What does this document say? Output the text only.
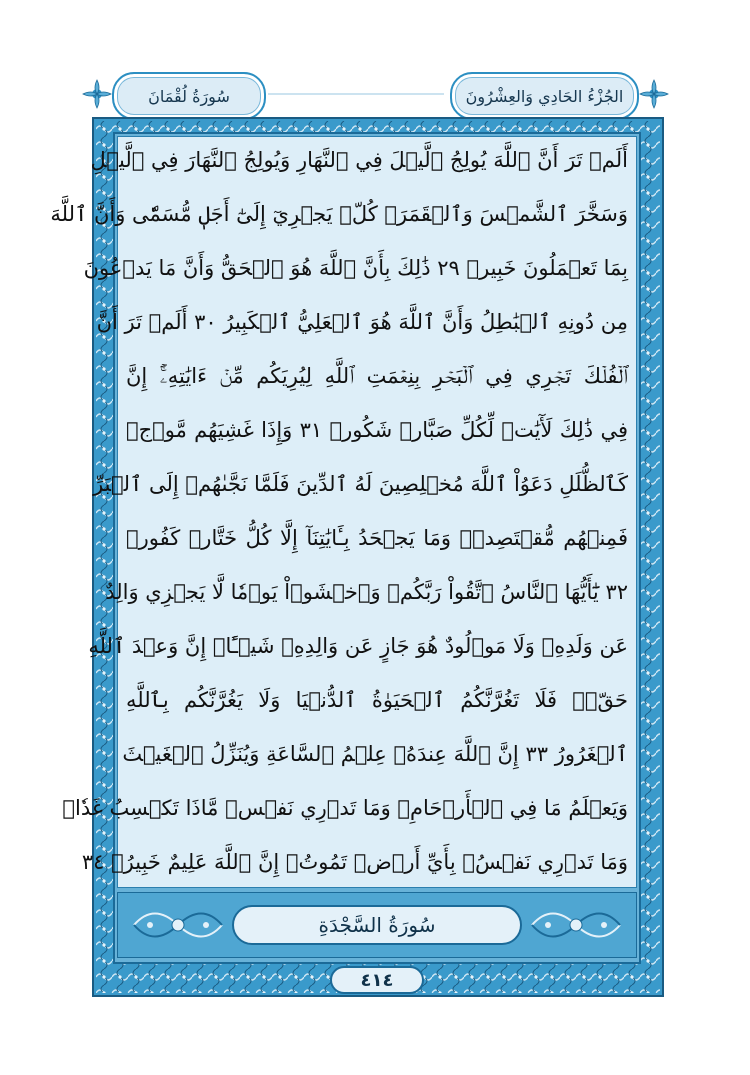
سُورَةُ لُقْمَانَ	الجُزْءُ الحَادِي وَالعِشْرُونَ
أَلَمۡ تَرَ أَنَّ ٱللَّهَ يُولِجُ ٱلَّيۡلَ فِي ٱلنَّهَارِ وَيُولِجُ ٱلنَّهَارَ فِي ٱلَّيۡلِ
وَسَخَّرَ ٱلشَّمۡسَ وَٱلۡقَمَرَۖ كُلّٞ يَجۡرِيٓ إِلَىٰٓ أَجَلٖ مُّسَمّٗى وَأَنَّ ٱللَّهَ
بِمَا تَعۡمَلُونَ خَبِيرٞ ٢٩ ذَٰلِكَ بِأَنَّ ٱللَّهَ هُوَ ٱلۡحَقُّ وَأَنَّ مَا يَدۡعُونَ
مِن دُونِهِ ٱلۡبَٰطِلُ وَأَنَّ ٱللَّهَ هُوَ ٱلۡعَلِيُّ ٱلۡكَبِيرُ ٣٠ أَلَمۡ تَرَ أَنَّ
ٱلۡفُلۡكَ تَجۡرِي فِي ٱلۡبَحۡرِ بِنِعۡمَتِ ٱللَّهِ لِيُرِيَكُم مِّنۡ ءَايَٰتِهِۦٓۚ إِنَّ
فِي ذَٰلِكَ لَأٓيَٰتٖ لِّكُلِّ صَبَّارٖ شَكُورٖ ٣١ وَإِذَا غَشِيَهُم مَّوۡجٞ
كَٱلظُّلَلِ دَعَوُاْ ٱللَّهَ مُخۡلِصِينَ لَهُ ٱلدِّينَ فَلَمَّا نَجَّىٰهُمۡ إِلَى ٱلۡبَرِّ
فَمِنۡهُم مُّقۡتَصِدٞۚ وَمَا يَجۡحَدُ بِـَٔايَٰتِنَآ إِلَّا كُلُّ خَتَّارٖ كَفُورٖ
٣٢ يَٰٓأَيُّهَا ٱلنَّاسُ ٱتَّقُواْ رَبَّكُمۡ وَٱخۡشَوۡاْ يَوۡمٗا لَّا يَجۡزِي وَالِدٌ
عَن وَلَدِهِۦ وَلَا مَوۡلُودٌ هُوَ جَازٍ عَن وَالِدِهِۦ شَيۡـًٔاۚ إِنَّ وَعۡدَ ٱللَّهِ
حَقّٞۖ فَلَا تَغُرَّنَّكُمُ ٱلۡحَيَوٰةُ ٱلدُّنۡيَا وَلَا يَغُرَّنَّكُم بِٱللَّهِ
ٱلۡغَرُورُ ٣٣ إِنَّ ٱللَّهَ عِندَهُۥ عِلۡمُ ٱلسَّاعَةِ وَيُنَزِّلُ ٱلۡغَيۡثَ
وَيَعۡلَمُ مَا فِي ٱلۡأَرۡحَامِۖ وَمَا تَدۡرِي نَفۡسٞ مَّاذَا تَكۡسِبُ غَدٗاۖ
وَمَا تَدۡرِي نَفۡسُۢ بِأَيِّ أَرۡضٖ تَمُوتُۚ إِنَّ ٱللَّهَ عَلِيمٌ خَبِيرُۢ ٣٤
سُورَةُ السَّجْدَةِ
٤١٤
